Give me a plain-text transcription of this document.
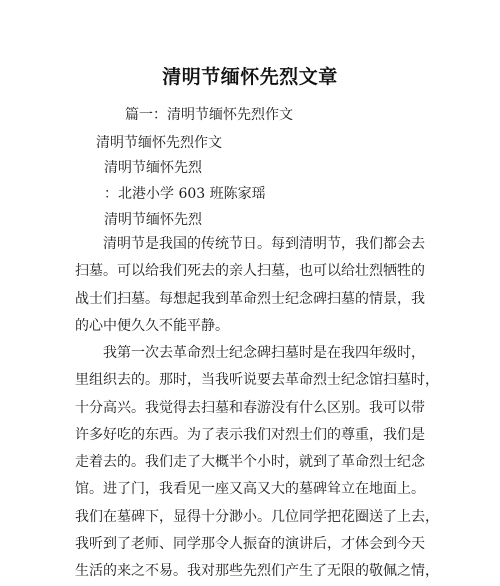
清明节缅怀先烈文章
篇一：清明节缅怀先烈作文
清明节缅怀先烈作文
清明节缅怀先烈
：北港小学 603 班陈家瑶
清明节缅怀先烈
　　清明节是我国的传统节日。每到清明节，我们都会去
扫墓。可以给我们死去的亲人扫墓，也可以给壮烈牺牲的
战士们扫墓。每想起我到革命烈士纪念碑扫墓的情景，我
的心中便久久不能平静。
　　我第一次去革命烈士纪念碑扫墓时是在我四年级时，
里组织去的。那时，当我听说要去革命烈士纪念馆扫墓时，
十分高兴。我觉得去扫墓和春游没有什么区别。我可以带
许多好吃的东西。为了表示我们对烈士们的尊重，我们是
走着去的。我们走了大概半个小时，就到了革命烈士纪念
馆。进了门，我看见一座又高又大的墓碑耸立在地面上。
我们在墓碑下，显得十分渺小。几位同学把花圈送了上去，
我听到了老师、同学那令人振奋的演讲后，才体会到今天
生活的来之不易。我对那些先烈们产生了无限的敬佩之情，
